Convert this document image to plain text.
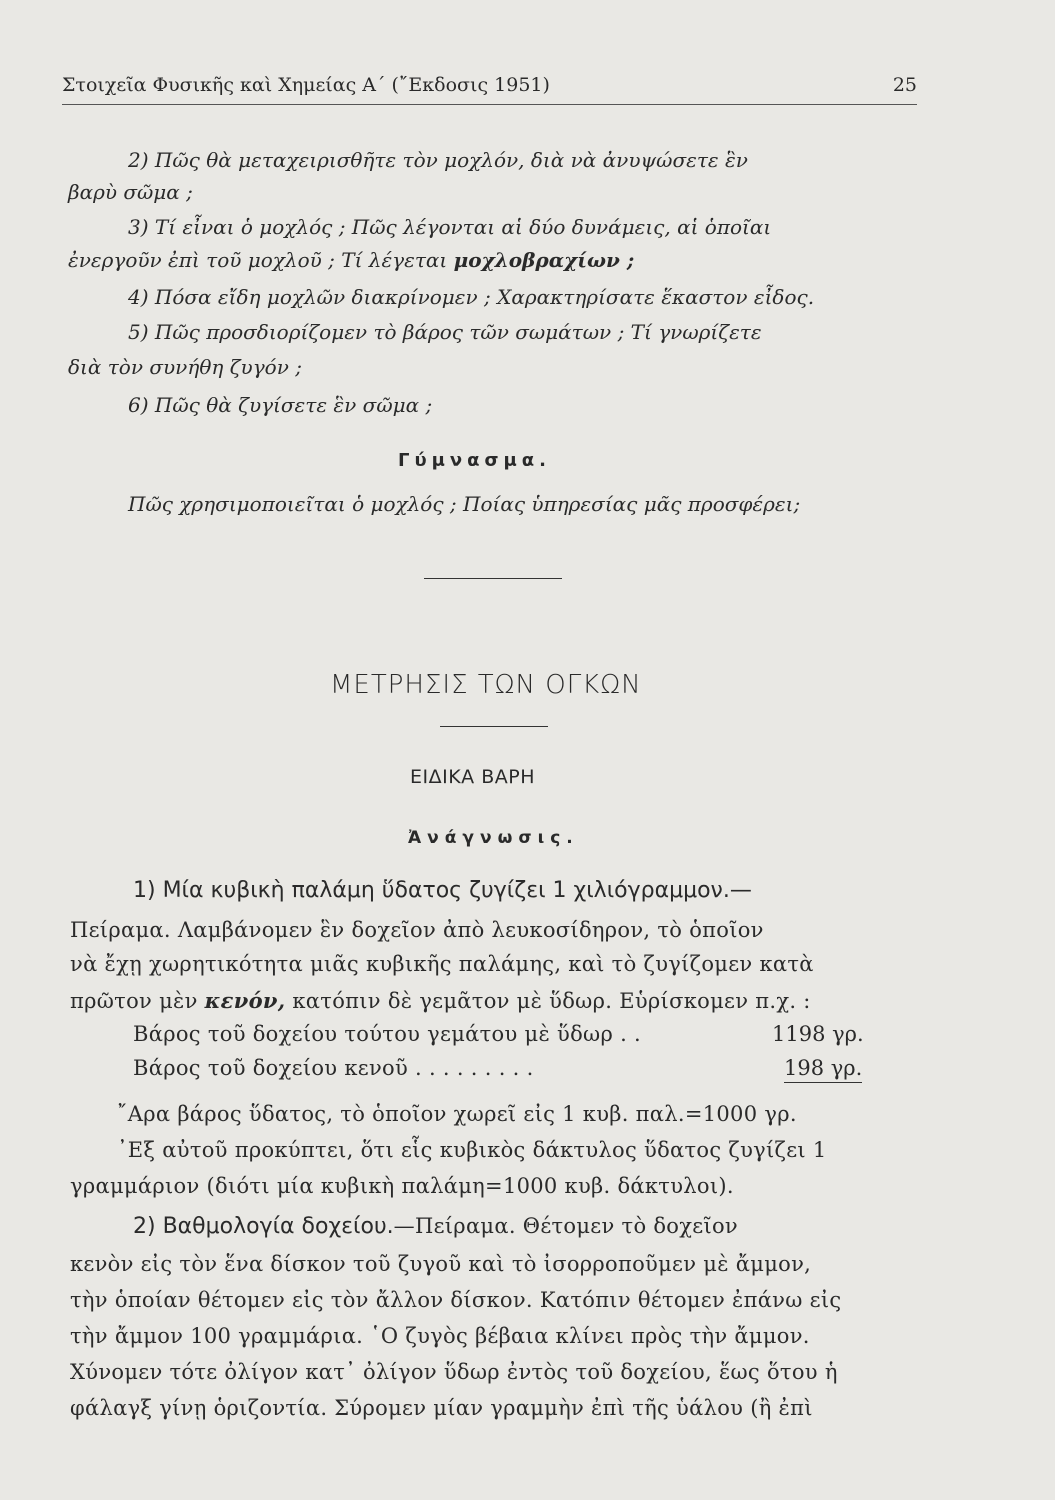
Στοιχεῖα Φυσικῆς καὶ Χημείας Α΄ (῎Εκδοσις 1951)	25
2) Πῶς θὰ μεταχειρισθῆτε τὸν μοχλόν, διὰ νὰ ἀνυψώσετε ἓν
βαρὺ σῶμα ;
3) Τί εἶναι ὁ μοχλός ; Πῶς λέγονται αἱ δύο δυνάμεις, αἱ ὁποῖαι
ἐνεργοῦν ἐπὶ τοῦ μοχλοῦ ; Τί λέγεται μοχλοβραχίων ;
4) Πόσα εἴδη μοχλῶν διακρίνομεν ; Χαρακτηρίσατε ἕκαστον εἶδος.
5) Πῶς προσδιορίζομεν τὸ βάρος τῶν σωμάτων ; Τί γνωρίζετε
διὰ τὸν συνήθη ζυγόν ;
6) Πῶς θὰ ζυγίσετε ἓν σῶμα ;
Γύμνασμα.
Πῶς χρησιμοποιεῖται ὁ μοχλός ; Ποίας ὑπηρεσίας μᾶς προσφέρει;
ΜΕΤΡΗΣΙΣ ΤΩΝ ΟΓΚΩΝ
ΕΙΔΙΚΑ ΒΑΡΗ
Ἀνάγνωσις.
1) Μία κυβικὴ παλάμη ὕδατος ζυγίζει 1 χιλιόγραμμον.—
Πείραμα. Λαμβάνομεν ἓν δοχεῖον ἀπὸ λευκοσίδηρον, τὸ ὁποῖον
νὰ ἔχῃ χωρητικότητα μιᾶς κυβικῆς παλάμης, καὶ τὸ ζυγίζομεν κατὰ
πρῶτον μὲν κενόν, κατόπιν δὲ γεμᾶτον μὲ ὕδωρ. Εὑρίσκομεν π.χ. :
Βάρος τοῦ δοχείου τούτου γεμάτου μὲ ὕδωρ . .	1198 γρ.
Βάρος τοῦ δοχείου κενοῦ . . . . . . . . .	198 γρ.
῎Αρα βάρος ὕδατος, τὸ ὁποῖον χωρεῖ εἰς 1 κυβ. παλ.=1000 γρ.
᾿Εξ αὐτοῦ προκύπτει, ὅτι εἷς κυβικὸς δάκτυλος ὕδατος ζυγίζει 1
γραμμάριον (διότι μία κυβικὴ παλάμη=1000 κυβ. δάκτυλοι).
2) Βαθμολογία δοχείου.—Πείραμα. Θέτομεν τὸ δοχεῖον
κενὸν εἰς τὸν ἕνα δίσκον τοῦ ζυγοῦ καὶ τὸ ἰσορροποῦμεν μὲ ἄμμον,
τὴν ὁποίαν θέτομεν εἰς τὸν ἄλλον δίσκον. Κατόπιν θέτομεν ἐπάνω εἰς
τὴν ἄμμον 100 γραμμάρια. ῾Ο ζυγὸς βέβαια κλίνει πρὸς τὴν ἄμμον.
Χύνομεν τότε ὀλίγον κατ᾿ ὀλίγον ὕδωρ ἐντὸς τοῦ δοχείου, ἕως ὅτου ἡ
φάλαγξ γίνῃ ὁριζοντία. Σύρομεν μίαν γραμμὴν ἐπὶ τῆς ὑάλου (ἢ ἐπὶ
